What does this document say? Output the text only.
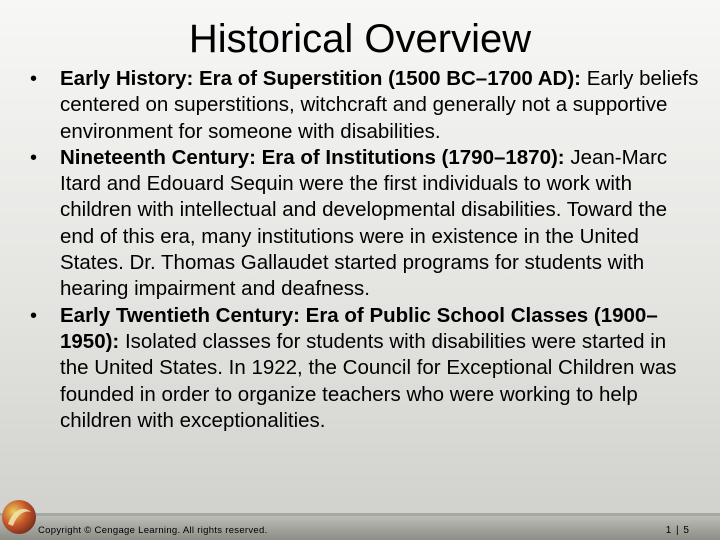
Historical Overview
•	Early History: Era of Superstition (1500 BC–1700 AD): Early beliefs centered on superstitions, witchcraft and generally not a supportive environment for someone with disabilities.
•	Nineteenth Century: Era of Institutions (1790–1870): Jean-Marc Itard and Edouard Sequin were the first individuals to work with children with intellectual and developmental disabilities. Toward the end of this era, many institutions were in existence in the United States. Dr. Thomas Gallaudet started programs for students with hearing impairment and deafness.
•	Early Twentieth Century: Era of Public School Classes (1900–1950): Isolated classes for students with disabilities were started in the United States. In 1922, the Council for Exceptional Children was founded in order to organize teachers who were working to help children with exceptionalities.
Copyright © Cengage Learning. All rights reserved.	1 | 5
